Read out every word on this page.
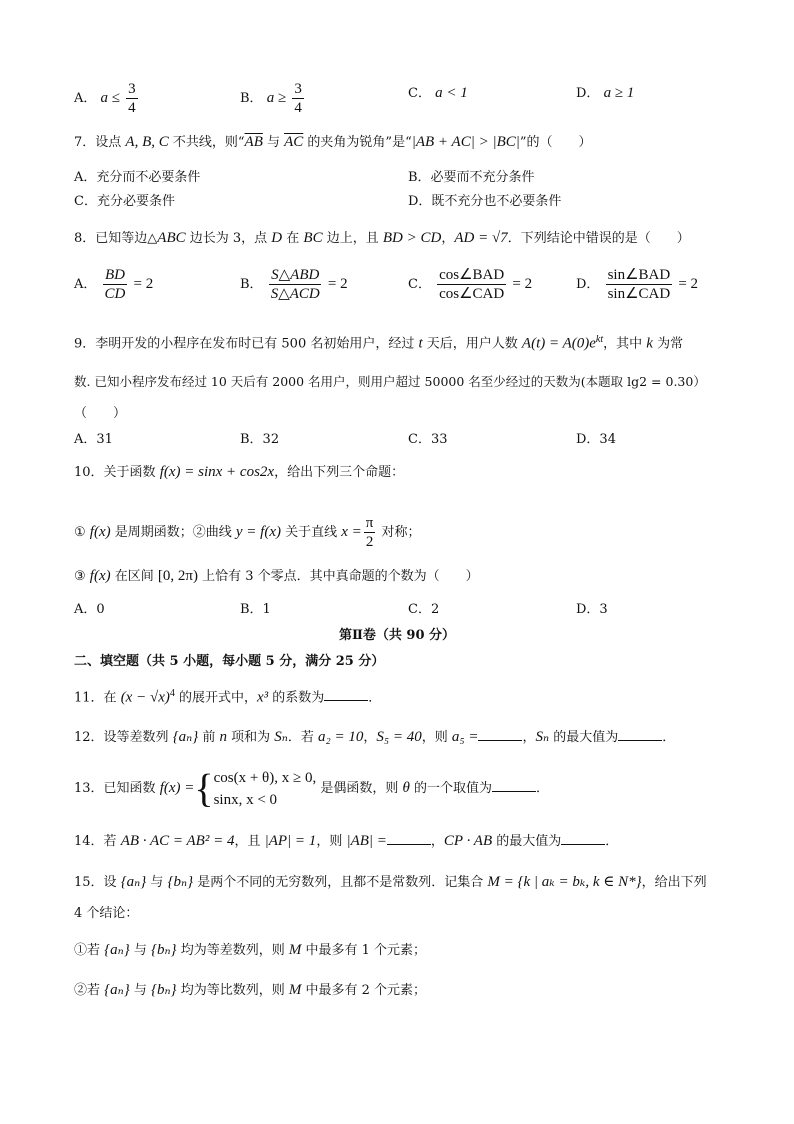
A． $a \le \frac{3}{4}$	B． $a \ge \frac{3}{4}$	C． a < 1	D． a ≥ 1
7．设点 A, B, C 不共线，则“$\overline{AB}$ 与 $\overline{AC}$ 的夹角为锐角”是“|AB + AC| > |BC|”的（　　）
A．充分而不必要条件	B．必要而不充分条件
C．充分必要条件	D．既不充分也不必要条件
8．已知等边△ABC 边长为 3，点 D 在 BC 边上，且 BD > CD，AD = √7．下列结论中错误的是（　　）
A． $\frac{BD}{CD} = 2$	B． $\frac{\text{S△ABD}}{\text{S△ACD}} = 2$	C． $\frac{\text{cos∠BAD}}{\text{cos∠CAD}} = 2$	D． $\frac{\text{sin∠BAD}}{\text{sin∠CAD}} = 2$
9．李明开发的小程序在发布时已有 500 名初始用户，经过 t 天后，用户人数 $A(t) = A(0)e^{kt}$，其中 k 为常
数. 已知小程序发布经过 10 天后有 2000 名用户，则用户超过 50000 名至少经过的天数为(本题取 lg2 = 0.30）
（　　）
A．31	B．32	C．33	D．34
10．关于函数 f(x) = sinx + cos2x，给出下列三个命题：
① f(x) 是周期函数；②曲线 y = f(x) 关于直线 $x = \frac{\pi}{2}$ 对称；
③ f(x) 在区间 [0, 2π) 上恰有 3 个零点．其中真命题的个数为（　　）
A．0	B．1	C．2	D．3
第Ⅱ卷（共 90 分）
二、填空题（共 5 小题，每小题 5 分，满分 25 分）
11．在 $(x - √x)^4$ 的展开式中，x³ 的系数为	．
12．设等差数列 {aₙ} 前 n 项和为 Sₙ．若 a₂ = 10，S₅ = 40，则 a₅ =	，Sₙ 的最大值为	．
13．已知函数 f(x) ={ cos(x + θ), x ≥ 0,
sinx, x < 0
是偶函数，则 θ 的一个取值为	．
14．若 AB · AC = AB² = 4，且 |AP| = 1，则 |AB| =	，CP · AB 的最大值为	．
15．设 {aₙ} 与 {bₙ} 是两个不同的无穷数列，且都不是常数列．记集合 M = {k | aₖ = bₖ, k ∈ N*}，给出下列
4 个结论：
①若 {aₙ} 与 {bₙ} 均为等差数列，则 M 中最多有 1 个元素；
②若 {aₙ} 与 {bₙ} 均为等比数列，则 M 中最多有 2 个元素；
